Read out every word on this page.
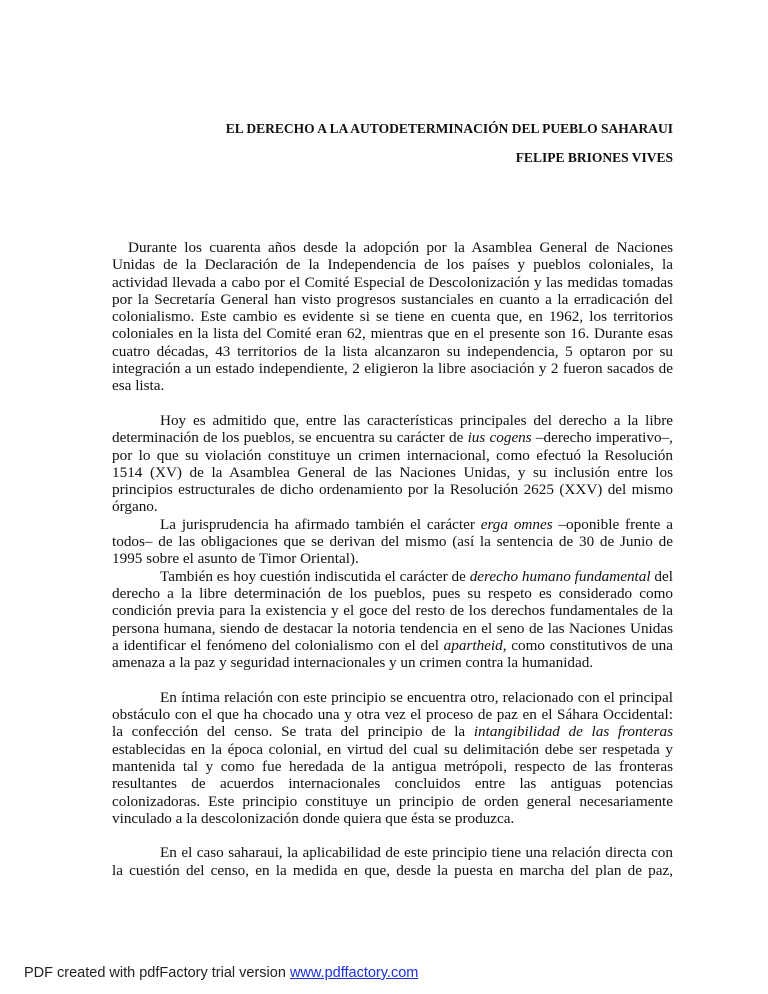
EL DERECHO A LA AUTODETERMINACIÓN DEL PUEBLO SAHARAUI
FELIPE BRIONES VIVES
Durante los cuarenta años desde la adopción por la Asamblea General de Naciones
Unidas de la Declaración de la Independencia de los países y pueblos coloniales, la
actividad llevada a cabo por el Comité Especial de Descolonización y las medidas tomadas
por la Secretaría General han visto progresos sustanciales en cuanto a la erradicación del
colonialismo. Este cambio es evidente si se tiene en cuenta que, en 1962, los territorios
coloniales en la lista del Comité eran 62, mientras que en el presente son 16. Durante esas
cuatro décadas, 43 territorios de la lista alcanzaron su independencia, 5 optaron por su
integración a un estado independiente, 2 eligieron la libre asociación y 2 fueron sacados de
esa lista.
Hoy es admitido que, entre las características principales del derecho a la libre
determinación de los pueblos, se encuentra su carácter de ius cogens –derecho imperativo–,
por lo que su violación constituye un crimen internacional, como efectuó la Resolución
1514 (XV) de la Asamblea General de las Naciones Unidas, y su inclusión entre los
principios estructurales de dicho ordenamiento por la Resolución 2625 (XXV) del mismo
órgano.
La jurisprudencia ha afirmado también el carácter erga omnes –oponible frente a
todos– de las obligaciones que se derivan del mismo (así la sentencia de 30 de Junio de
1995 sobre el asunto de Timor Oriental).
También es hoy cuestión indiscutida el carácter de derecho humano fundamental del
derecho a la libre determinación de los pueblos, pues su respeto es considerado como
condición previa para la existencia y el goce del resto de los derechos fundamentales de la
persona humana, siendo de destacar la notoria tendencia en el seno de las Naciones Unidas
a identificar el fenómeno del colonialismo con el del apartheid, como constitutivos de una
amenaza a la paz y seguridad internacionales y un crimen contra la humanidad.
En íntima relación con este principio se encuentra otro, relacionado con el principal
obstáculo con el que ha chocado una y otra vez el proceso de paz en el Sáhara Occidental:
la confección del censo. Se trata del principio de la intangibilidad de las fronteras
establecidas en la época colonial, en virtud del cual su delimitación debe ser respetada y
mantenida tal y como fue heredada de la antigua metrópoli, respecto de las fronteras
resultantes de acuerdos internacionales concluidos entre las antiguas potencias
colonizadoras. Este principio constituye un principio de orden general necesariamente
vinculado a la descolonización donde quiera que ésta se produzca.
En el caso saharaui, la aplicabilidad de este principio tiene una relación directa con
la cuestión del censo, en la medida en que, desde la puesta en marcha del plan de paz,
PDF created with pdfFactory trial version www.pdffactory.com
